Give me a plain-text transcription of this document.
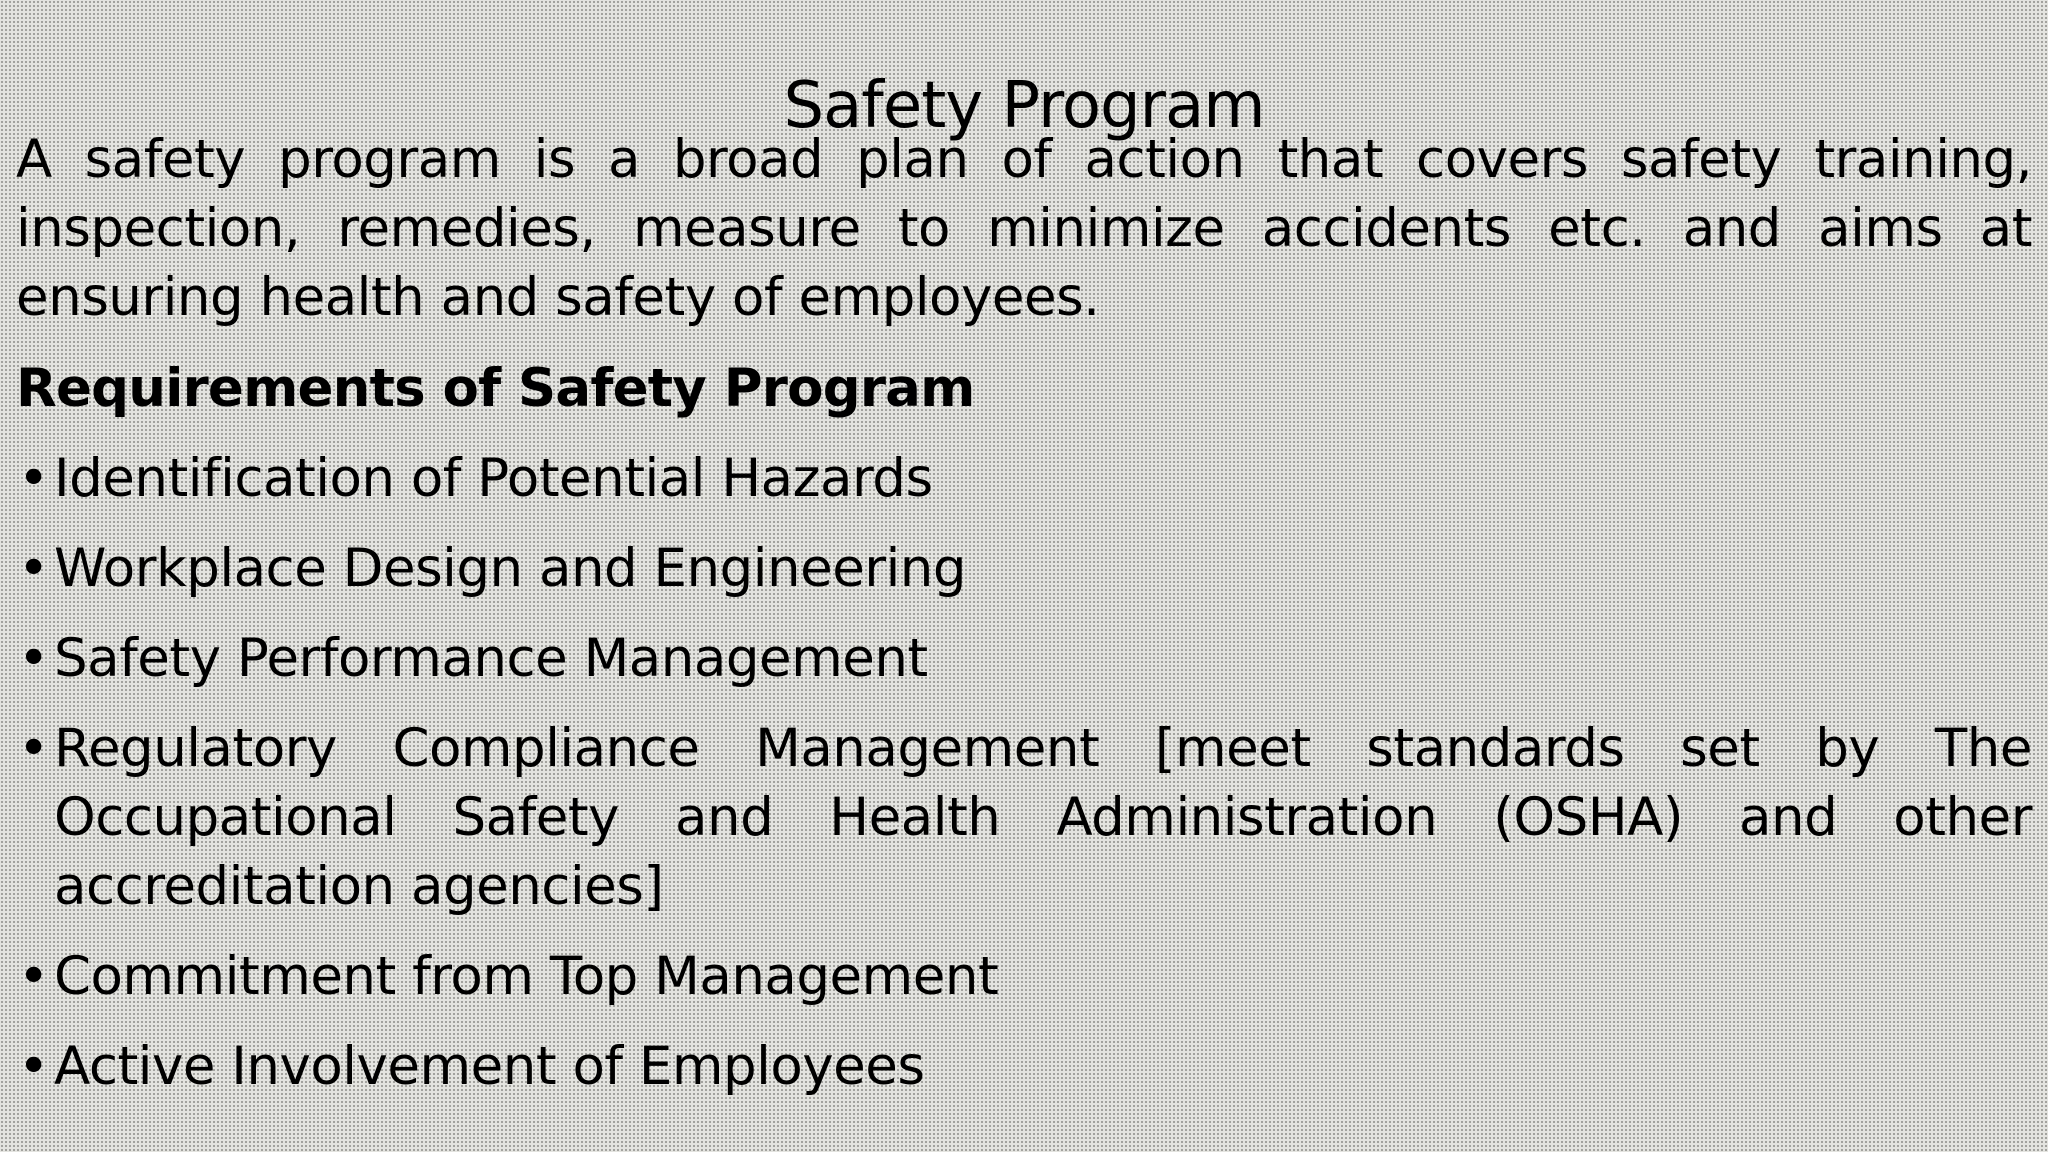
Safety Program

A safety program is a broad plan of action that covers safety training, inspection, remedies, measure to minimize accidents etc. and aims at ensuring health and safety of employees.

Requirements of Safety Program
• Identification of Potential Hazards
• Workplace Design and Engineering
• Safety Performance Management
• Regulatory Compliance Management [meet standards set by The Occupational Safety and Health Administration (OSHA) and other accreditation agencies]
• Commitment from Top Management
• Active Involvement of Employees
